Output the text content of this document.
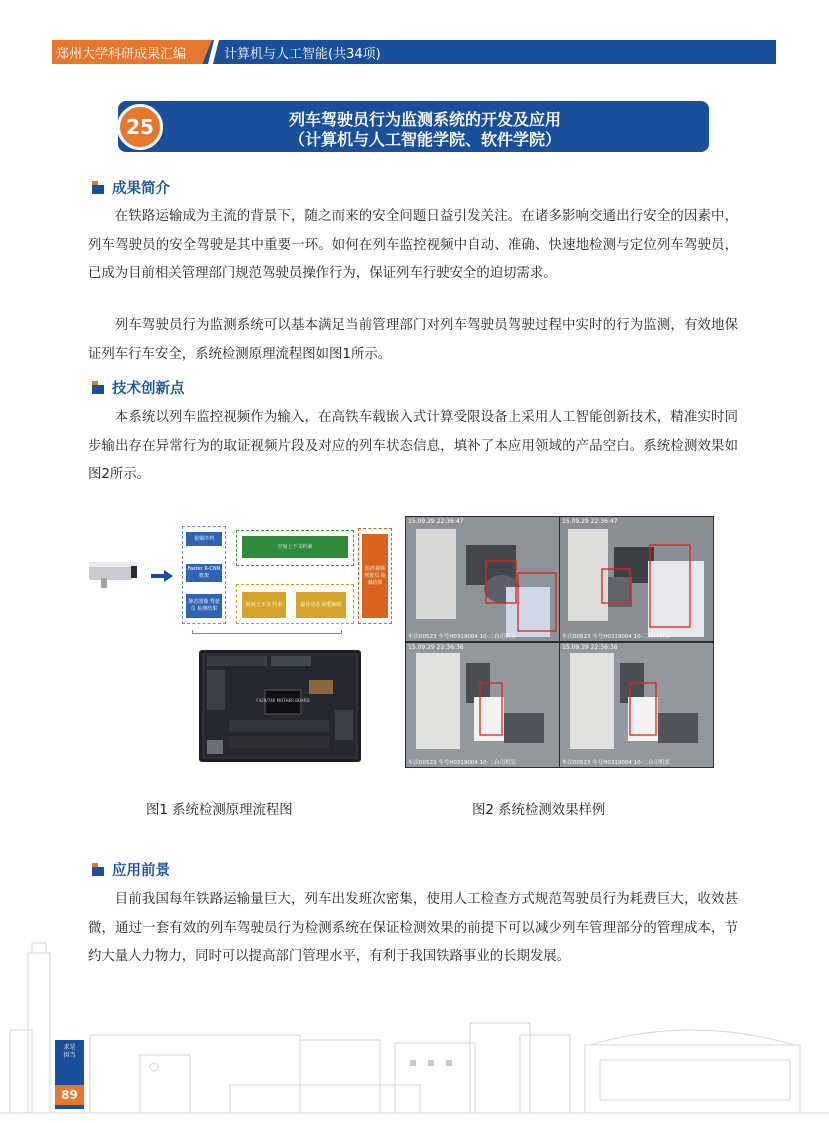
郑州大学科研成果汇编	计算机与人工智能(共34项)
25	列车驾驶员行为监测系统的开发及应用
（计算机与人工智能学院、软件学院）
成果简介

在铁路运输成为主流的背景下，随之而来的安全问题日益引发关注。在诸多影响交通出行安全的因素中，列车驾驶员的安全驾驶是其中重要一环。如何在列车监控视频中自动、准确、快速地检测与定位列车驾驶员，已成为目前相关管理部门规范驾驶员操作行为，保证列车行驶安全的迫切需求。

列车驾驶员行为监测系统可以基本满足当前管理部门对列车驾驶员驾驶过程中实时的行为监测，有效地保证列车行车安全，系统检测原理流程图如图1所示。

技术创新点

本系统以列车监控视频作为输入，在高铁车载嵌入式计算受限设备上采用人工智能创新技术，精准实时同步输出存在异常行为的取证视频片段及对应的列车状态信息，填补了本应用领域的产品空白。系统检测效果如图2所示。

视频序列
Faster R-CNN 框架
静态图像 驾驶员 检测结果
空间上下文约束
时间上下文 约束	最佳动态 调整阈值
监控视频 驾驶员 检测结果
F429/746 MOTHER BOARD
15.09.29 22:36:47
车次00523 车号H0319004 10-二台司机室
15.09.29 22:36:47
车次00523 车号H0319004 10-二台司机室
15.09.29 22:36:36
车次00523 车号H0319004 10-二台司机室
15.09.29 22:36:36
车次00523 车号H0319004 10-二台司机室
图1 系统检测原理流程图	图2 系统检测效果样例
应用前景

目前我国每年铁路运输量巨大，列车出发班次密集，使用人工检查方式规范驾驶员行为耗费巨大，收效甚微，通过一套有效的列车驾驶员行为检测系统在保证检测效果的前提下可以减少列车管理部分的管理成本，节约大量人力物力，同时可以提高部门管理水平，有利于我国铁路事业的长期发展。

求是担当
89
